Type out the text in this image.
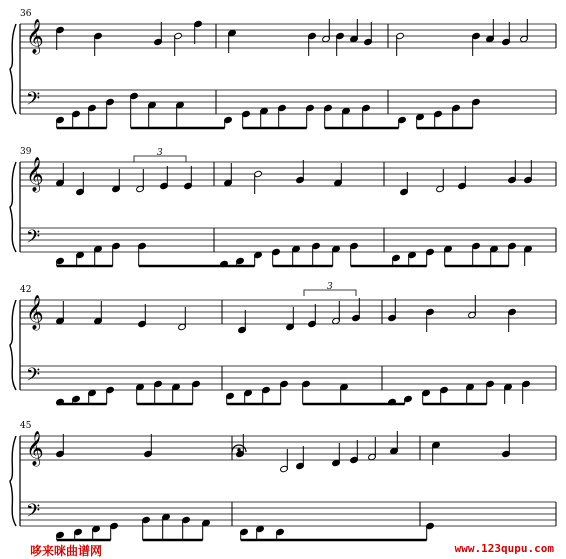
𝄞
𝄢
36
𝄞
𝄢
39	3
𝄞
𝄢
42	3
𝄞
𝄢
45
哆来咪曲谱网	www.123qupu.com
